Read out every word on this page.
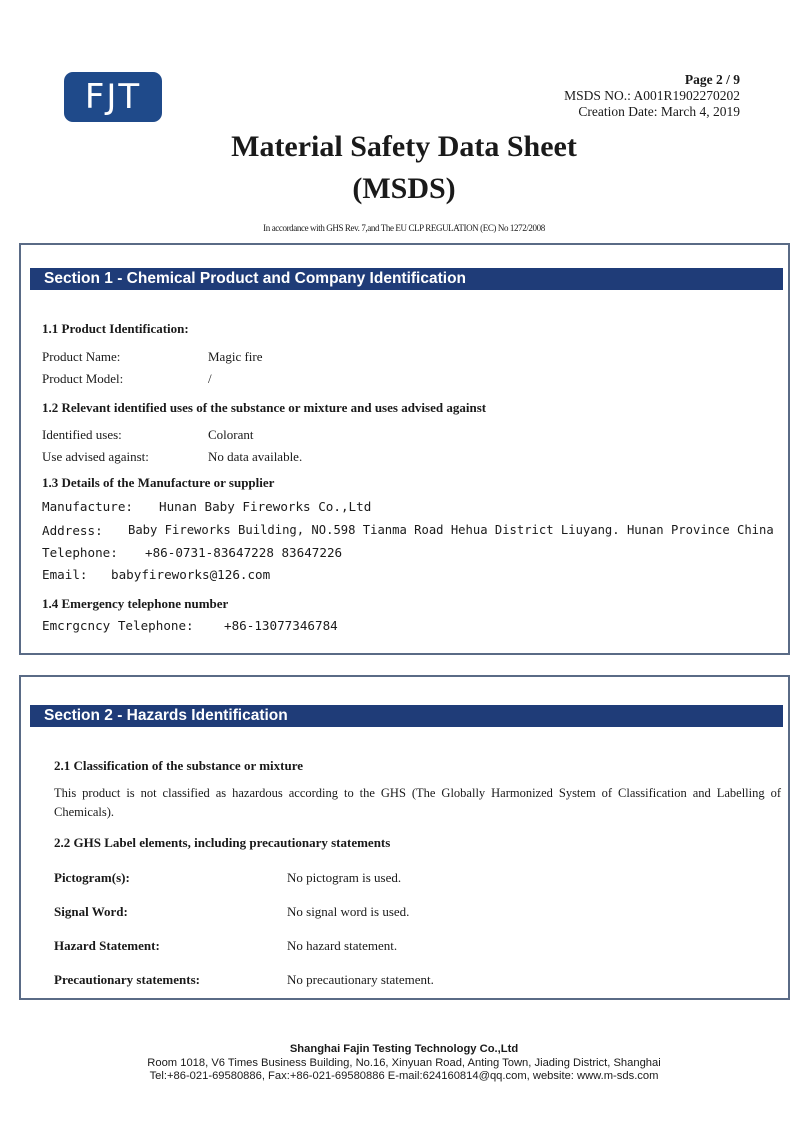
FJT	Page 2 / 9
MSDS NO.: A001R1902270202
Creation Date: March 4, 2019
Material Safety Data Sheet
(MSDS)
In accordance with GHS Rev. 7,and The EU CLP REGULATION (EC) No 1272/2008
Section 1 - Chemical Product and Company Identification
1.1 Product Identification:
Product Name:	Magic fire
Product Model:	/
1.2 Relevant identified uses of the substance or mixture and uses advised against
Identified uses:	Colorant
Use advised against:	No data available.
1.3 Details of the Manufacture or supplier
Manufacture: Hunan Baby Fireworks Co.,Ltd
Address: Baby Fireworks Building, NO.598 Tianma Road Hehua District Liuyang. Hunan Province China
Telephone: +86-0731-83647228 83647226
Email: babyfireworks@126.com
1.4 Emergency telephone number
Emcrgcncy Telephone: +86-13077346784
Section 2 - Hazards Identification
2.1 Classification of the substance or mixture
This product is not classified as hazardous according to the GHS (The Globally Harmonized System of Classification and Labelling of Chemicals).
2.2 GHS Label elements, including precautionary statements
Pictogram(s):	No pictogram is used.
Signal Word:	No signal word is used.
Hazard Statement:	No hazard statement.
Precautionary statements:	No precautionary statement.
Shanghai Fajin Testing Technology Co.,Ltd
Room 1018, V6 Times Business Building, No.16, Xinyuan Road, Anting Town, Jiading District, Shanghai
Tel:+86-021-69580886, Fax:+86-021-69580886 E-mail:624160814@qq.com, website: www.m-sds.com
